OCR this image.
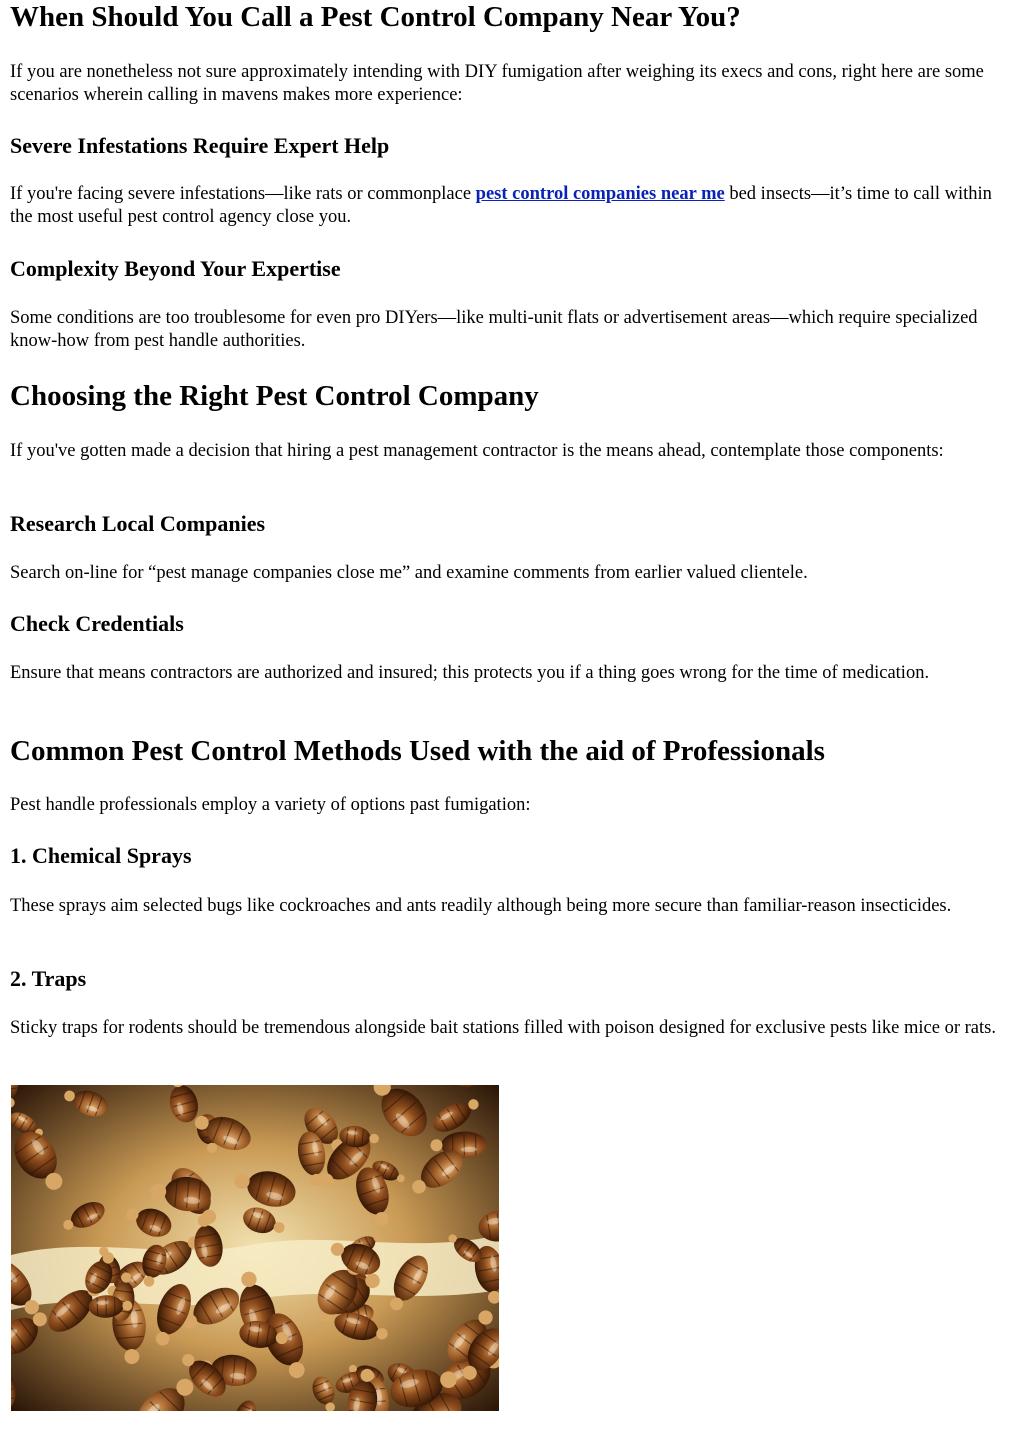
When Should You Call a Pest Control Company Near You?

If you are nonetheless not sure approximately intending with DIY fumigation after weighing its execs and cons, right here are some scenarios wherein calling in mavens makes more experience:

Severe Infestations Require Expert Help

If you're facing severe infestations—like rats or commonplace pest control companies near me bed insects—it’s time to call within the most useful pest control agency close you.

Complexity Beyond Your Expertise

Some conditions are too troublesome for even pro DIYers—like multi-unit flats or advertisement areas—which require specialized know-how from pest handle authorities.

Choosing the Right Pest Control Company

If you've gotten made a decision that hiring a pest management contractor is the means ahead, contemplate those components:

Research Local Companies

Search on-line for “pest manage companies close me” and examine comments from earlier valued clientele.

Check Credentials

Ensure that means contractors are authorized and insured; this protects you if a thing goes wrong for the time of medication.

Common Pest Control Methods Used with the aid of Professionals

Pest handle professionals employ a variety of options past fumigation:

1. Chemical Sprays

These sprays aim selected bugs like cockroaches and ants readily although being more secure than familiar-reason insecticides.

2. Traps

Sticky traps for rodents should be tremendous alongside bait stations filled with poison designed for exclusive pests like mice or rats.
